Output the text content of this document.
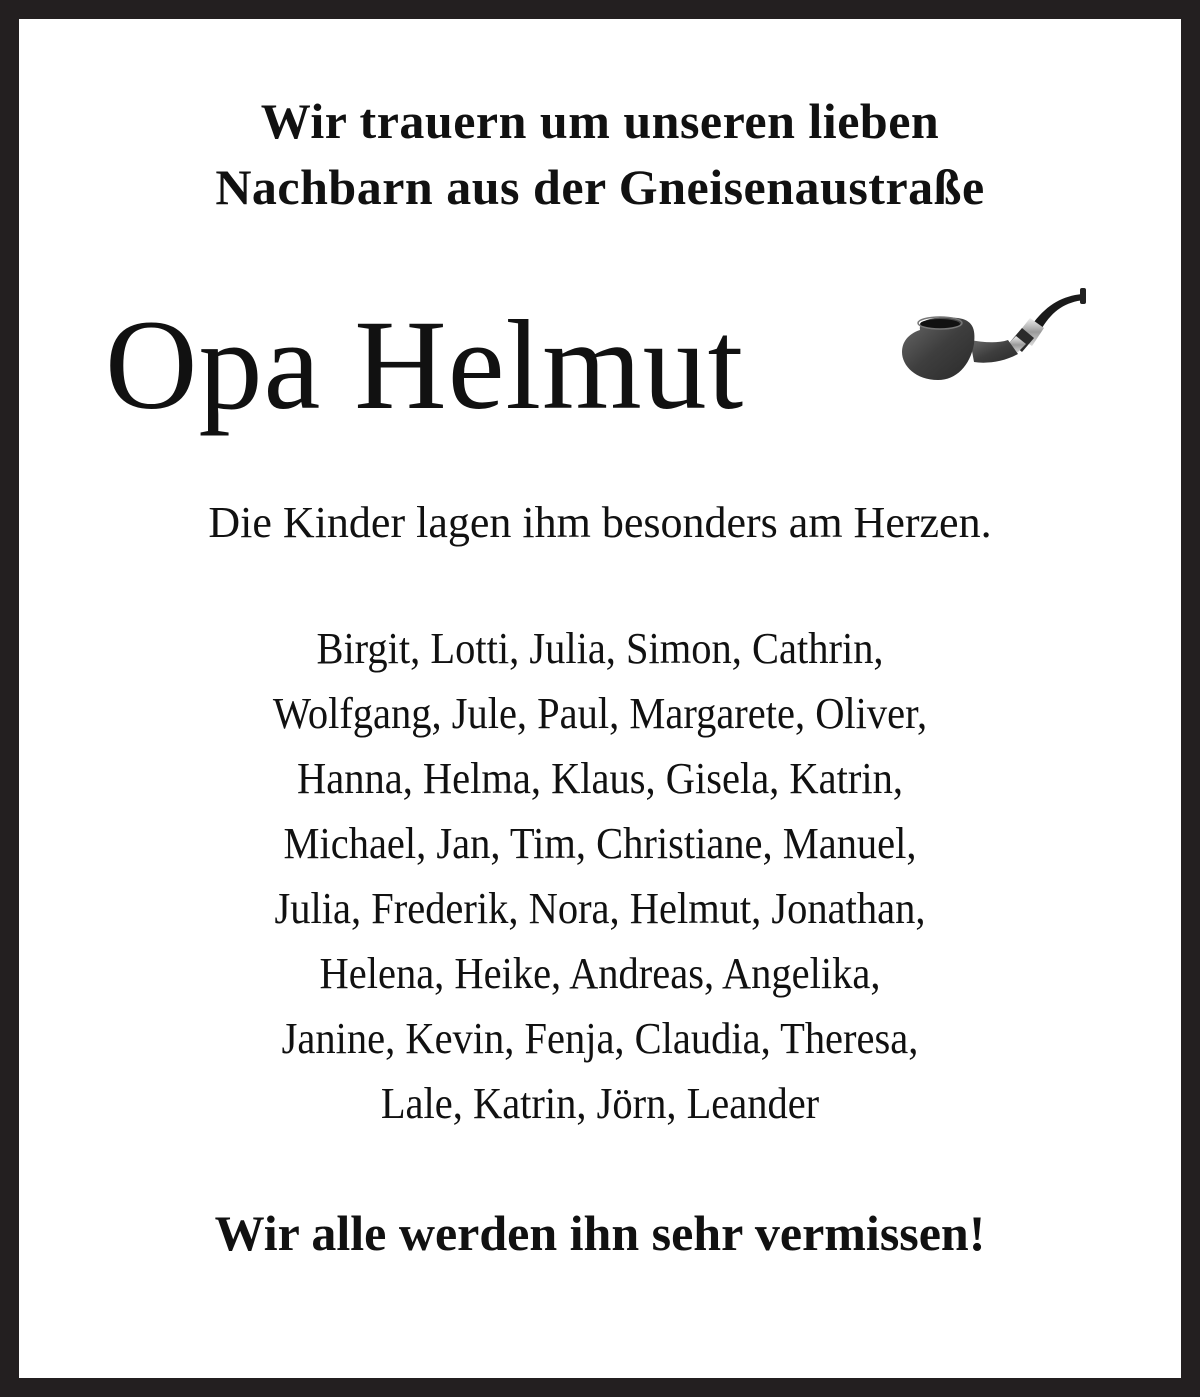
Wir trauern um unseren lieben
Nachbarn aus der Gneisenaustraße
Opa Helmut
Die Kinder lagen ihm besonders am Herzen.
Birgit, Lotti, Julia, Simon, Cathrin,
Wolfgang, Jule, Paul, Margarete, Oliver,
Hanna, Helma, Klaus, Gisela, Katrin,
Michael, Jan, Tim, Christiane, Manuel,
Julia, Frederik, Nora, Helmut, Jonathan,
Helena, Heike, Andreas, Angelika,
Janine, Kevin, Fenja, Claudia, Theresa,
Lale, Katrin, Jörn, Leander
Wir alle werden ihn sehr vermissen!
